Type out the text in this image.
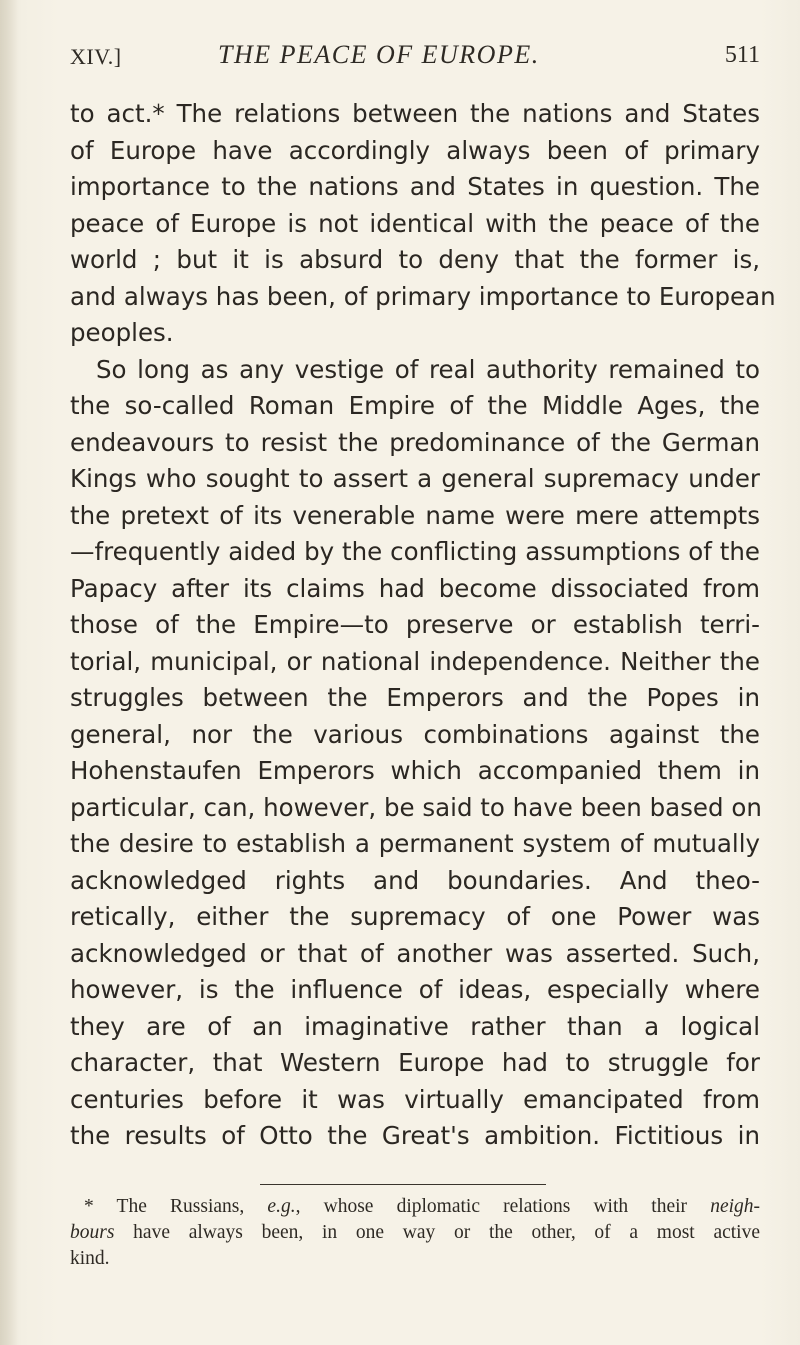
XIV.]	THE PEACE OF EUROPE.	511
to act.* The relations between the nations and States
of Europe have accordingly always been of primary
importance to the nations and States in question. The
peace of Europe is not identical with the peace of the
world ; but it is absurd to deny that the former is,
and always has been, of primary importance to European
peoples.
So long as any vestige of real authority remained to
the so-called Roman Empire of the Middle Ages, the
endeavours to resist the predominance of the German
Kings who sought to assert a general supremacy under
the pretext of its venerable name were mere attempts
—frequently aided by the conflicting assumptions of the
Papacy after its claims had become dissociated from
those of the Empire—to preserve or establish terri-
torial, municipal, or national independence. Neither the
struggles between the Emperors and the Popes in
general, nor the various combinations against the
Hohenstaufen Emperors which accompanied them in
particular, can, however, be said to have been based on
the desire to establish a permanent system of mutually
acknowledged rights and boundaries. And theo-
retically, either the supremacy of one Power was
acknowledged or that of another was asserted. Such,
however, is the influence of ideas, especially where
they are of an imaginative rather than a logical
character, that Western Europe had to struggle for
centuries before it was virtually emancipated from
the results of Otto the Great's ambition. Fictitious in
* The Russians, e.g., whose diplomatic relations with their neigh-
bours have always been, in one way or the other, of a most active
kind.
